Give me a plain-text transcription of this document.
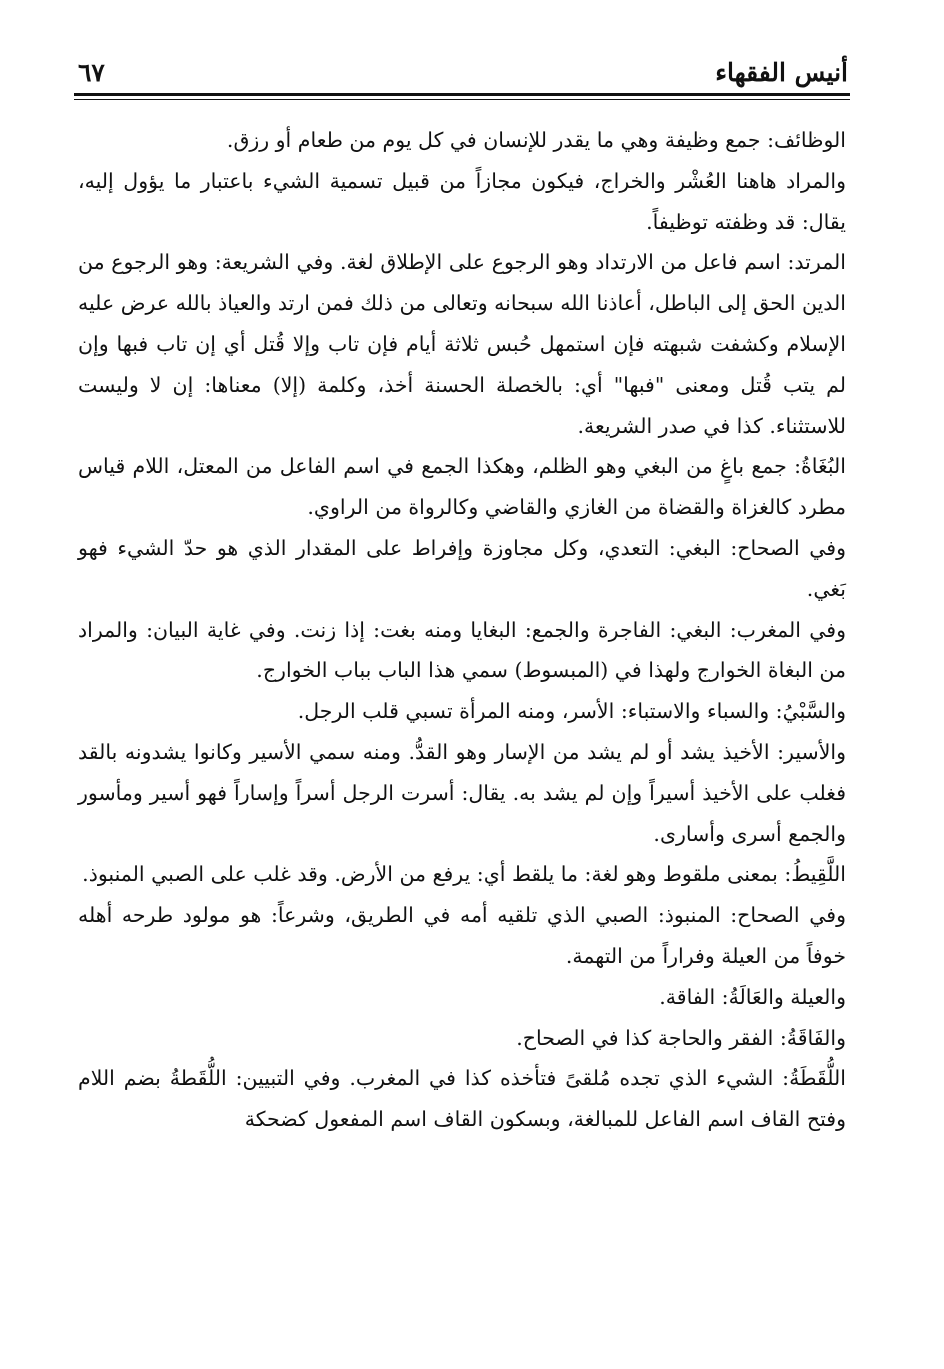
أنيس الفقهاء
٦٧

الوظائف: جمع وظيفة وهي ما يقدر للإنسان في كل يوم من طعام أو رزق.

والمراد هاهنا العُشْر والخراج، فيكون مجازاً من قبيل تسمية الشيء باعتبار ما يؤول إليه، يقال: قد وظفته توظيفاً.

المرتد: اسم فاعل من الارتداد وهو الرجوع على الإطلاق لغة. وفي الشريعة: وهو الرجوع من الدين الحق إلى الباطل، أعاذنا الله سبحانه وتعالى من ذلك فمن ارتد والعياذ بالله عرض عليه الإسلام وكشفت شبهته فإن استمهل حُبس ثلاثة أيام فإن تاب وإلا قُتل أي إن تاب فبها وإن لم يتب قُتل ومعنى "فبها" أي: بالخصلة الحسنة أخذ، وكلمة (إلا) معناها: إن لا وليست للاستثناء. كذا في صدر الشريعة.

البُغَاةُ: جمع باغٍ من البغي وهو الظلم، وهكذا الجمع في اسم الفاعل من المعتل، اللام قياس مطرد كالغزاة والقضاة من الغازي والقاضي وكالرواة من الراوي.

وفي الصحاح: البغي: التعدي، وكل مجاوزة وإفراط على المقدار الذي هو حدّ الشيء فهو بَغي.

وفي المغرب: البغي: الفاجرة والجمع: البغايا ومنه بغت: إذا زنت. وفي غاية البيان: والمراد من البغاة الخوارج ولهذا في (المبسوط) سمي هذا الباب بباب الخوارج.

والسَّبْيُ: والسباء والاستباء: الأسر، ومنه المرأة تسبي قلب الرجل.

والأسير: الأخيذ يشد أو لم يشد من الإسار وهو القدُّ. ومنه سمي الأسير وكانوا يشدونه بالقد فغلب على الأخيذ أسيراً وإن لم يشد به. يقال: أسرت الرجل أسراً وإساراً فهو أسير ومأسور والجمع أسرى وأسارى.

اللَّقِيطُ: بمعنى ملقوط وهو لغة: ما يلقط أي: يرفع من الأرض. وقد غلب على الصبي المنبوذ.

وفي الصحاح: المنبوذ: الصبي الذي تلقيه أمه في الطريق، وشرعاً: هو مولود طرحه أهله خوفاً من العيلة وفراراً من التهمة.

والعيلة والعَالَةُ: الفاقة.

والفَاقَةُ: الفقر والحاجة كذا في الصحاح.

اللُّقَطَةُ: الشيء الذي تجده مُلقىً فتأخذه كذا في المغرب. وفي التبيين: اللُّقَطةُ بضم اللام وفتح القاف اسم الفاعل للمبالغة، وبسكون القاف اسم المفعول كضحكة
